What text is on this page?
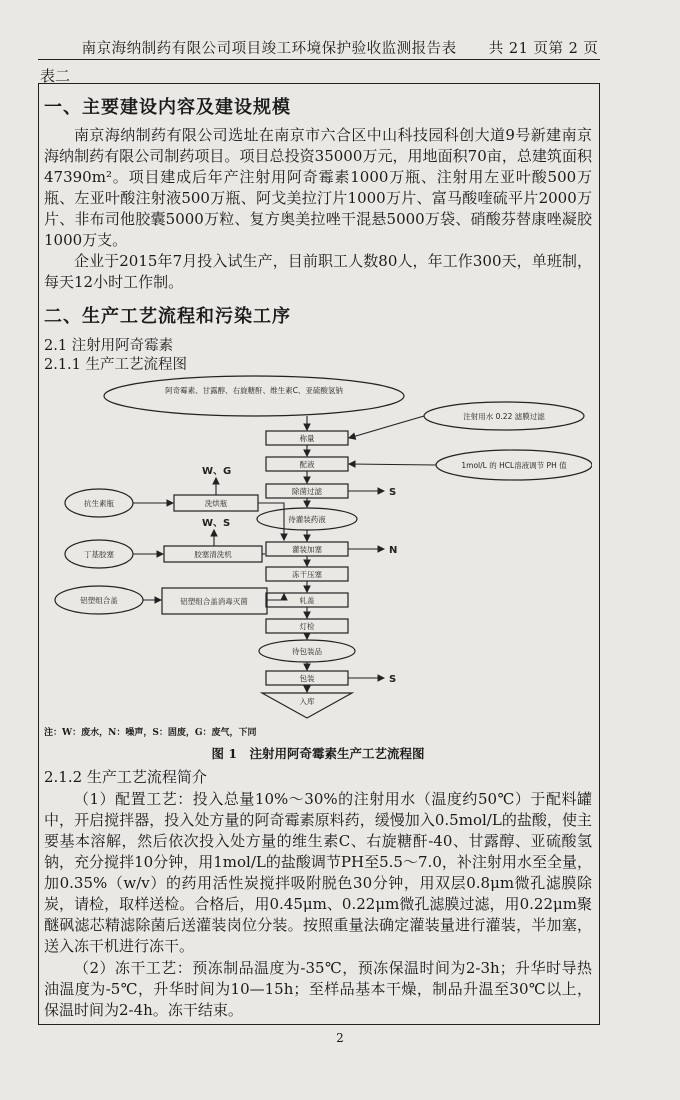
南京海纳制药有限公司项目竣工环境保护验收监测报告表 共 21 页第 2 页
表二
一、主要建设内容及建设规模
南京海纳制药有限公司选址在南京市六合区中山科技园科创大道9号新建南京海纳制药有限公司制药项目。项目总投资35000万元，用地面积70亩，总建筑面积47390m²。项目建成后年产注射用阿奇霉素1000万瓶、注射用左亚叶酸500万瓶、左亚叶酸注射液500万瓶、阿戈美拉汀片1000万片、富马酸喹硫平片2000万片、非布司他胶囊5000万粒、复方奥美拉唑干混悬5000万袋、硝酸芬替康唑凝胶1000万支。
企业于2015年7月投入试生产，目前职工人数80人，年工作300天，单班制，每天12小时工作制。
二、生产工艺流程和污染工序
2.1 注射用阿奇霉素
2.1.1 生产工艺流程图
阿奇霉素、甘露醇、右旋糖酐、维生素C、亚硫酸氢钠
注射用水 0.22 滤膜过滤
1mol/L 的 HCL溶液调节 PH 值
抗生素瓶
丁基胶塞
铝塑组合盖
洗烘瓶
胶塞清洗机
铝塑组合盖消毒灭菌
称量
配液
除菌过滤
待灌装药液
灌装加塞
冻干压塞
轧盖
灯检
待包装品
包装
入库
W、G
W、S
S
N
S
注：W：废水，N：噪声，S：固废，G：废气，下同
图 1　注射用阿奇霉素生产工艺流程图
2.1.2 生产工艺流程简介
（1）配置工艺：投入总量10%～30%的注射用水（温度约50℃）于配料罐中，开启搅拌器，投入处方量的阿奇霉素原料药，缓慢加入0.5mol/L的盐酸，使主要基本溶解，然后依次投入处方量的维生素C、右旋糖酐-40、甘露醇、亚硫酸氢钠，充分搅拌10分钟，用1mol/L的盐酸调节PH至5.5～7.0，补注射用水至全量，加0.35%（w/v）的药用活性炭搅拌吸附脱色30分钟，用双层0.8μm微孔滤膜除炭，请检，取样送检。合格后，用0.45μm、0.22μm微孔滤膜过滤，用0.22μm聚醚砜滤芯精滤除菌后送灌装岗位分装。按照重量法确定灌装量进行灌装，半加塞，送入冻干机进行冻干。
（2）冻干工艺：预冻制品温度为-35℃，预冻保温时间为2-3h；升华时导热油温度为-5℃，升华时间为10—15h；至样品基本干燥，制品升温至30℃以上，保温时间为2-4h。冻干结束。
2
